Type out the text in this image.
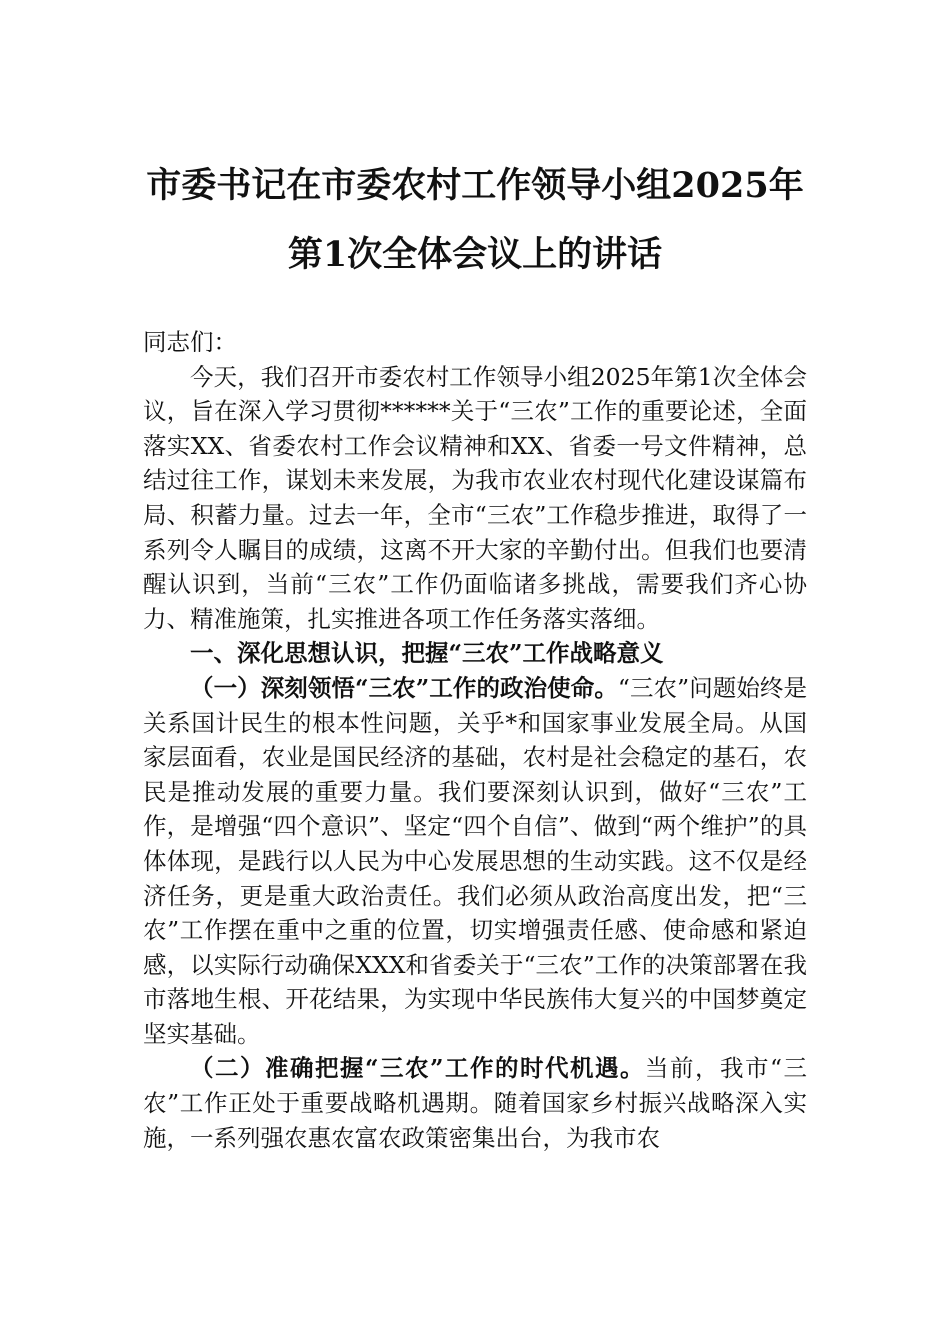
市委书记在市委农村工作领导小组2025年
第1次全体会议上的讲话

同志们：

今天，我们召开市委农村工作领导小组2025年第1次全体会议，旨在深入学习贯彻******关于“三农”工作的重要论述，全面落实XX、省委农村工作会议精神和XX、省委一号文件精神，总结过往工作，谋划未来发展，为我市农业农村现代化建设谋篇布局、积蓄力量。过去一年，全市“三农”工作稳步推进，取得了一系列令人瞩目的成绩，这离不开大家的辛勤付出。但我们也要清醒认识到，当前“三农”工作仍面临诸多挑战，需要我们齐心协力、精准施策，扎实推进各项工作任务落实落细。

一、深化思想认识，把握“三农”工作战略意义

（一）深刻领悟“三农”工作的政治使命。“三农”问题始终是关系国计民生的根本性问题，关乎*和国家事业发展全局。从国家层面看，农业是国民经济的基础，农村是社会稳定的基石，农民是推动发展的重要力量。我们要深刻认识到，做好“三农”工作，是增强“四个意识”、坚定“四个自信”、做到“两个维护”的具体体现，是践行以人民为中心发展思想的生动实践。这不仅是经济任务，更是重大政治责任。我们必须从政治高度出发，把“三农”工作摆在重中之重的位置，切实增强责任感、使命感和紧迫感，以实际行动确保XXX和省委关于“三农”工作的决策部署在我市落地生根、开花结果，为实现中华民族伟大复兴的中国梦奠定坚实基础。

（二）准确把握“三农”工作的时代机遇。当前，我市“三农”工作正处于重要战略机遇期。随着国家乡村振兴战略深入实施，一系列强农惠农富农政策密集出台，为我市农
